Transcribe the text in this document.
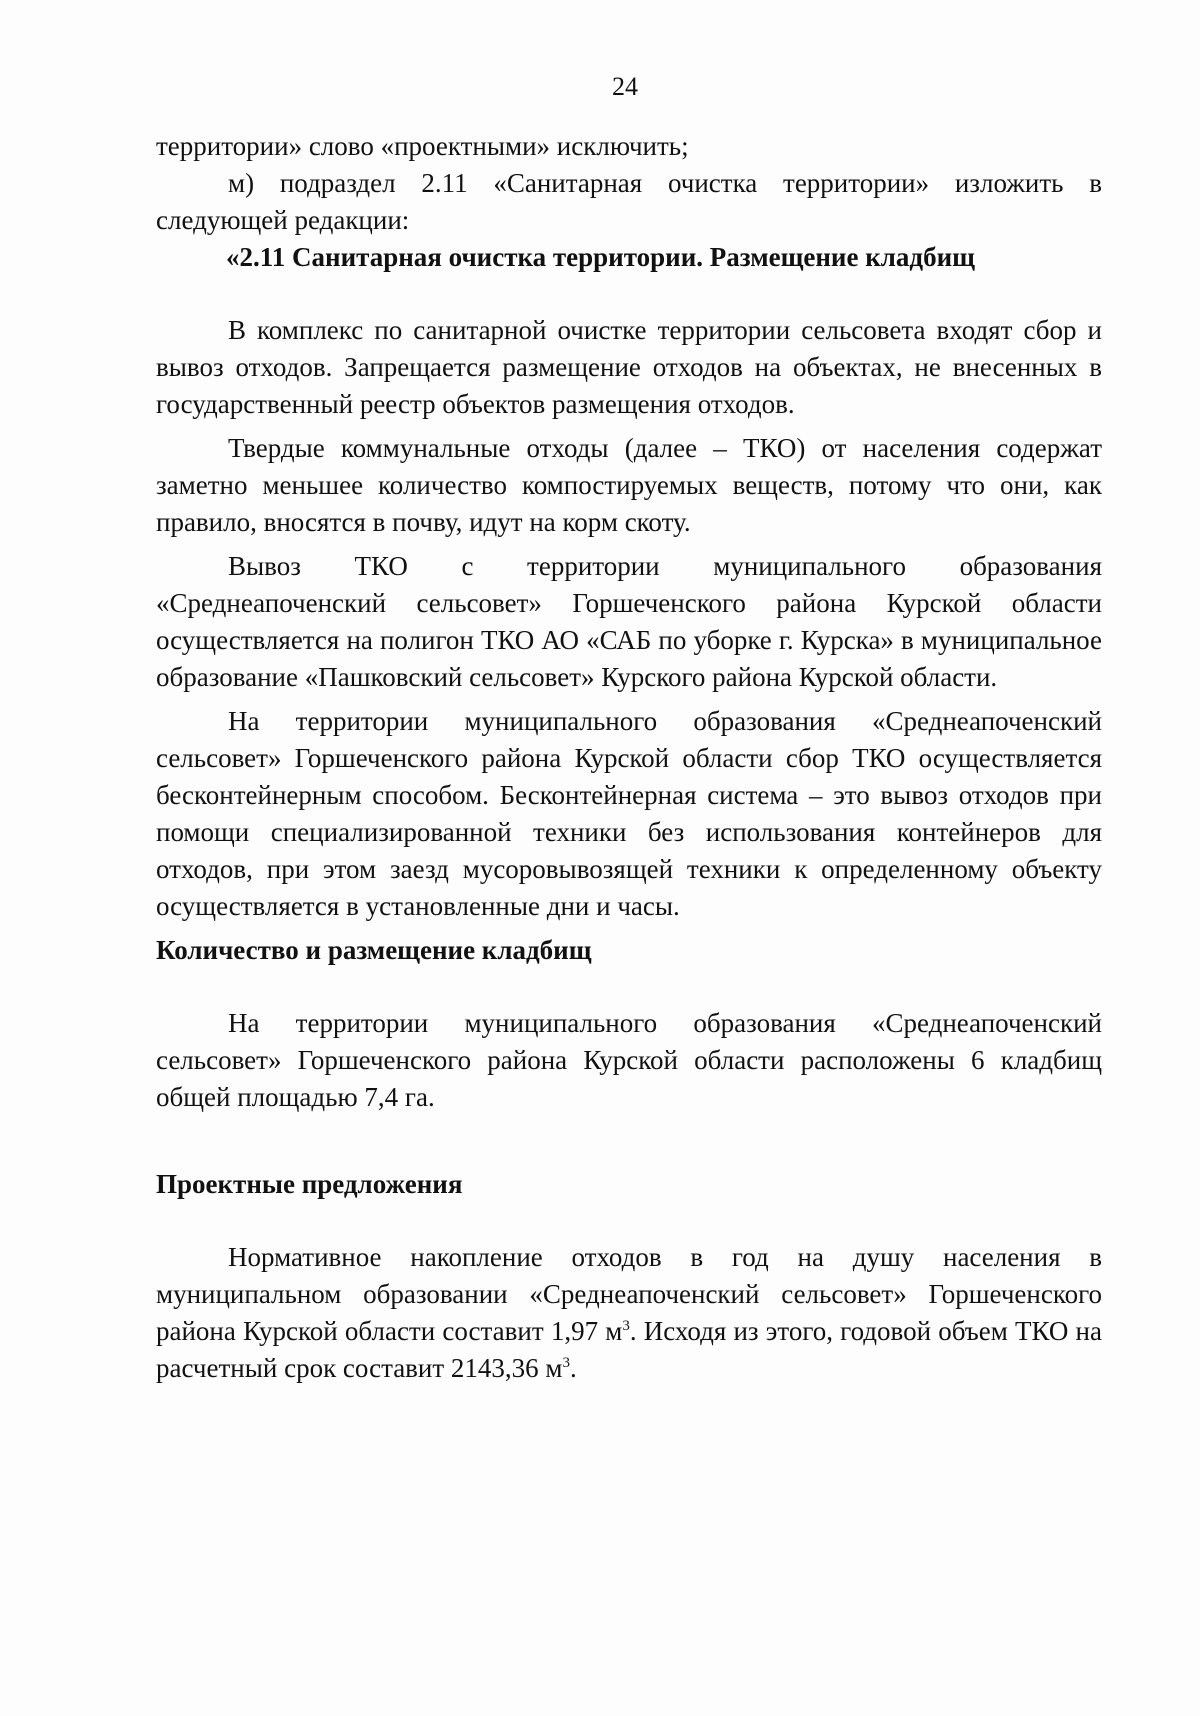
24

территории» слово «проектными» исключить;

м) подраздел 2.11 «Санитарная очистка территории» изложить в следующей редакции:

«2.11 Санитарная очистка территории. Размещение кладбищ

В комплекс по санитарной очистке территории сельсовета входят сбор и вывоз отходов. Запрещается размещение отходов на объектах, не внесенных в государственный реестр объектов размещения отходов.

Твердые коммунальные отходы (далее – ТКО) от населения содержат заметно меньшее количество компостируемых веществ, потому что они, как правило, вносятся в почву, идут на корм скоту.

Вывоз ТКО с территории муниципального образования «Среднеапоченский сельсовет» Горшеченского района Курской области осуществляется на полигон ТКО АО «САБ по уборке г. Курска» в муниципальное образование «Пашковский сельсовет» Курского района Курской области.

На территории муниципального образования «Среднеапоченский сельсовет» Горшеченского района Курской области сбор ТКО осуществляется бесконтейнерным способом. Бесконтейнерная система – это вывоз отходов при помощи специализированной техники без использования контейнеров для отходов, при этом заезд мусоровывозящей техники к определенному объекту осуществляется в установленные дни и часы.

Количество и размещение кладбищ

На территории муниципального образования «Среднеапоченский сельсовет» Горшеченского района Курской области расположены 6 кладбищ общей площадью 7,4 га.

Проектные предложения

Нормативное накопление отходов в год на душу населения в муниципальном образовании «Среднеапоченский сельсовет» Горшеченского района Курской области составит 1,97 $м^3$. Исходя из этого, годовой объем ТКО на расчетный срок составит 2143,36 $м^3$.
